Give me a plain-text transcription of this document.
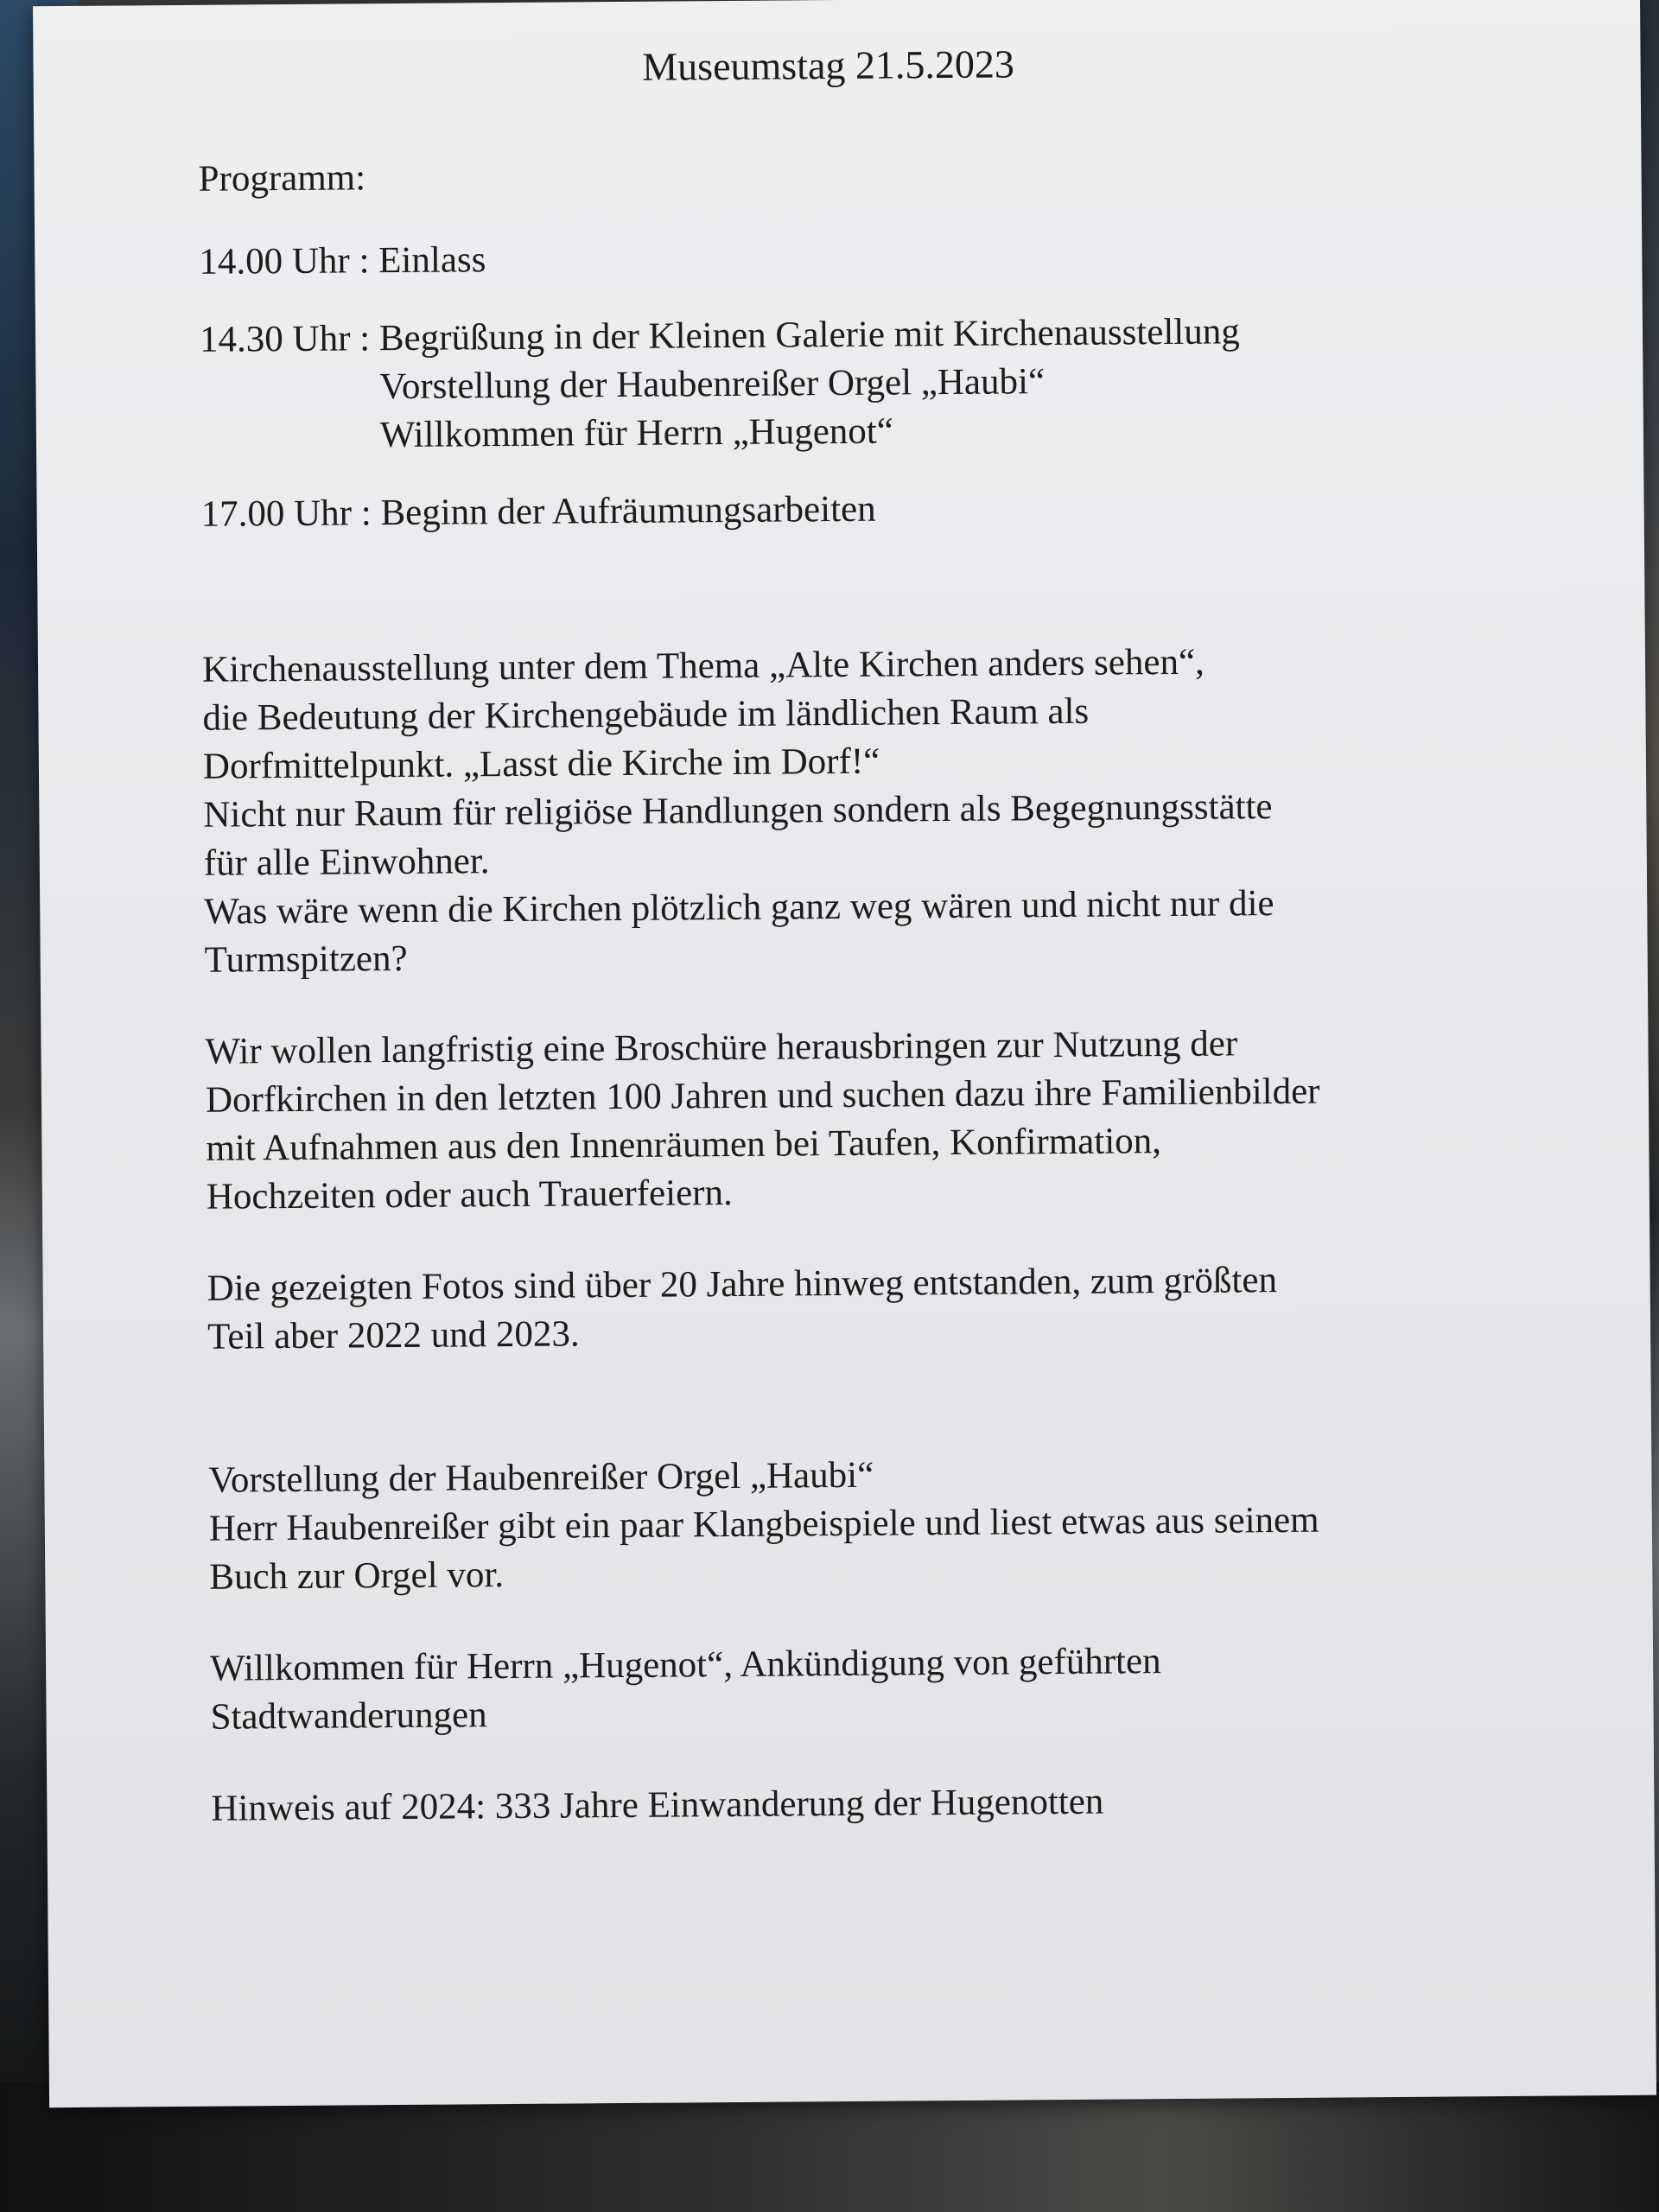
Museumstag 21.5.2023
Programm:
14.00 Uhr : Einlass
14.30 Uhr : Begrüßung in der Kleinen Galerie mit Kirchenausstellung
Vorstellung der Haubenreißer Orgel „Haubi“
Willkommen für Herrn „Hugenot“
17.00 Uhr : Beginn der Aufräumungsarbeiten
Kirchenausstellung unter dem Thema „Alte Kirchen anders sehen“,
die Bedeutung der Kirchengebäude im ländlichen Raum als
Dorfmittelpunkt. „Lasst die Kirche im Dorf!“
Nicht nur Raum für religiöse Handlungen sondern als Begegnungsstätte
für alle Einwohner.
Was wäre wenn die Kirchen plötzlich ganz weg wären und nicht nur die
Turmspitzen?
Wir wollen langfristig eine Broschüre herausbringen zur Nutzung der
Dorfkirchen in den letzten 100 Jahren und suchen dazu ihre Familienbilder
mit Aufnahmen aus den Innenräumen bei Taufen, Konfirmation,
Hochzeiten oder auch Trauerfeiern.
Die gezeigten Fotos sind über 20 Jahre hinweg entstanden, zum größten
Teil aber 2022 und 2023.
Vorstellung der Haubenreißer Orgel „Haubi“
Herr Haubenreißer gibt ein paar Klangbeispiele und liest etwas aus seinem
Buch zur Orgel vor.
Willkommen für Herrn „Hugenot“, Ankündigung von geführten
Stadtwanderungen
Hinweis auf 2024: 333 Jahre Einwanderung der Hugenotten
